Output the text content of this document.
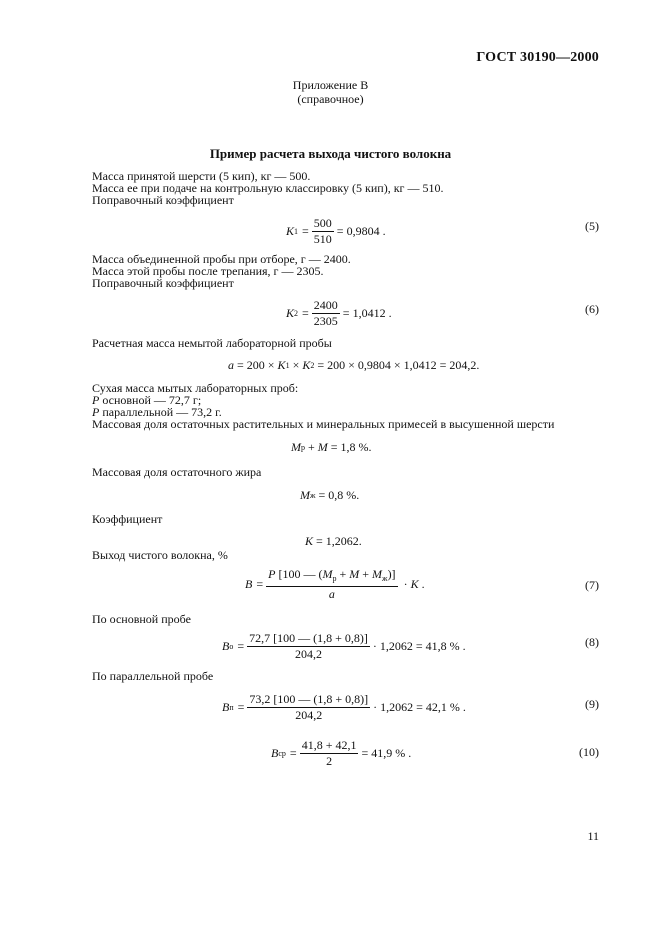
ГОСТ 30190—2000
Приложение В
(справочное)
Пример расчета выхода чистого волокна
Масса принятой шерсти (5 кип), кг — 500.
Масса ее при подаче на контрольную классировку (5 кип), кг — 510.
Поправочный коэффициент
K $1 = \frac{500}{510} = 0,9804$ .	(5)
Масса объединенной пробы при отборе, г — 2400.
Масса этой пробы после трепания, г — 2305.
Поправочный коэффициент
K $2 = \frac{2400}{2305} = 1,0412$ .	(6)
Расчетная масса немытой лабораторной пробы
a = 200 × K 1 × K 2 = 200 × 0,9804 × 1,0412 = 204,2.
Сухая масса мытых лабораторных проб:
Р основной — 72,7 г;
Р параллельной — 73,2 г.
Массовая доля остаточных растительных и минеральных примесей в высушенной шерсти
M р + M = 1,8 %.
Массовая доля остаточного жира
M ж = 0,8 %.
Коэффициент
K = 1,2062.
Выход чистого волокна, %
$B = \frac{P [100 — (M_р + M + M_ж)]}{a} \cdot K$ .	(7)
По основной пробе
B $о = \frac{72,7 [100 — (1,8 + 0,8)]}{204,2} \cdot 1,2062 = 41,8$ % .	(8)
По параллельной пробе
B $п = \frac{73,2 [100 — (1,8 + 0,8)]}{204,2} \cdot 1,2062 = 42,1$ % .	(9)
B ср = $\frac{41,8 + 42,1}{2} = 41,9$ % .	(10)
11
